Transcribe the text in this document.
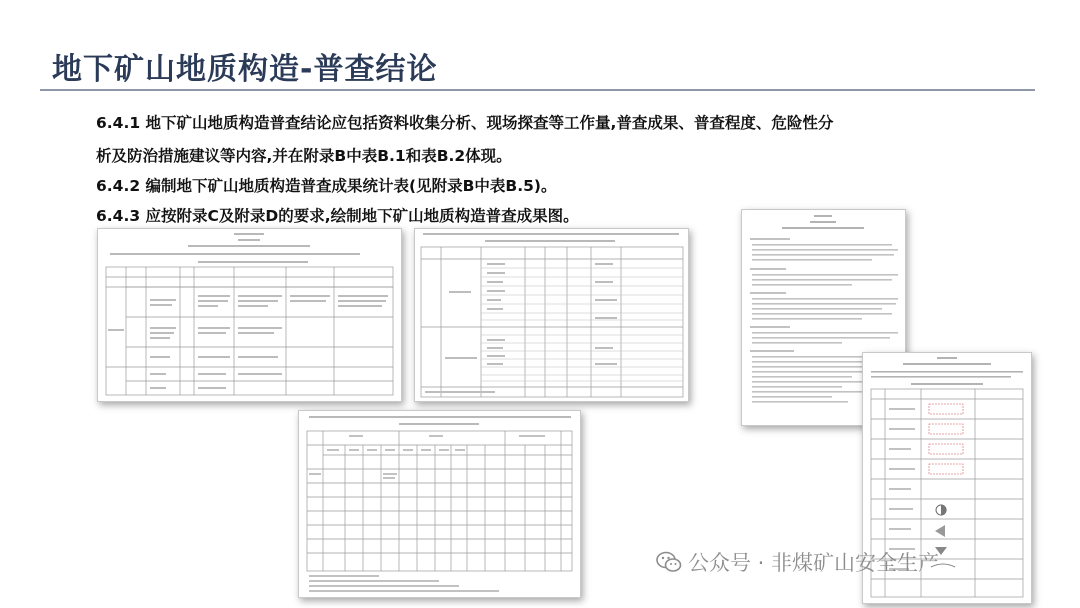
地下矿山地质构造-普查结论
6.4.1 地下矿山地质构造普查结论应包括资料收集分析、现场探查等工作量,普查成果、普查程度、危险性分
析及防治措施建议等内容,并在附录B中表B.1和表B.2体现。
6.4.2 编制地下矿山地质构造普查成果统计表(见附录B中表B.5)。
6.4.3 应按附录C及附录D的要求,绘制地下矿山地质构造普查成果图。
公众号 · 非煤矿山安全生产
